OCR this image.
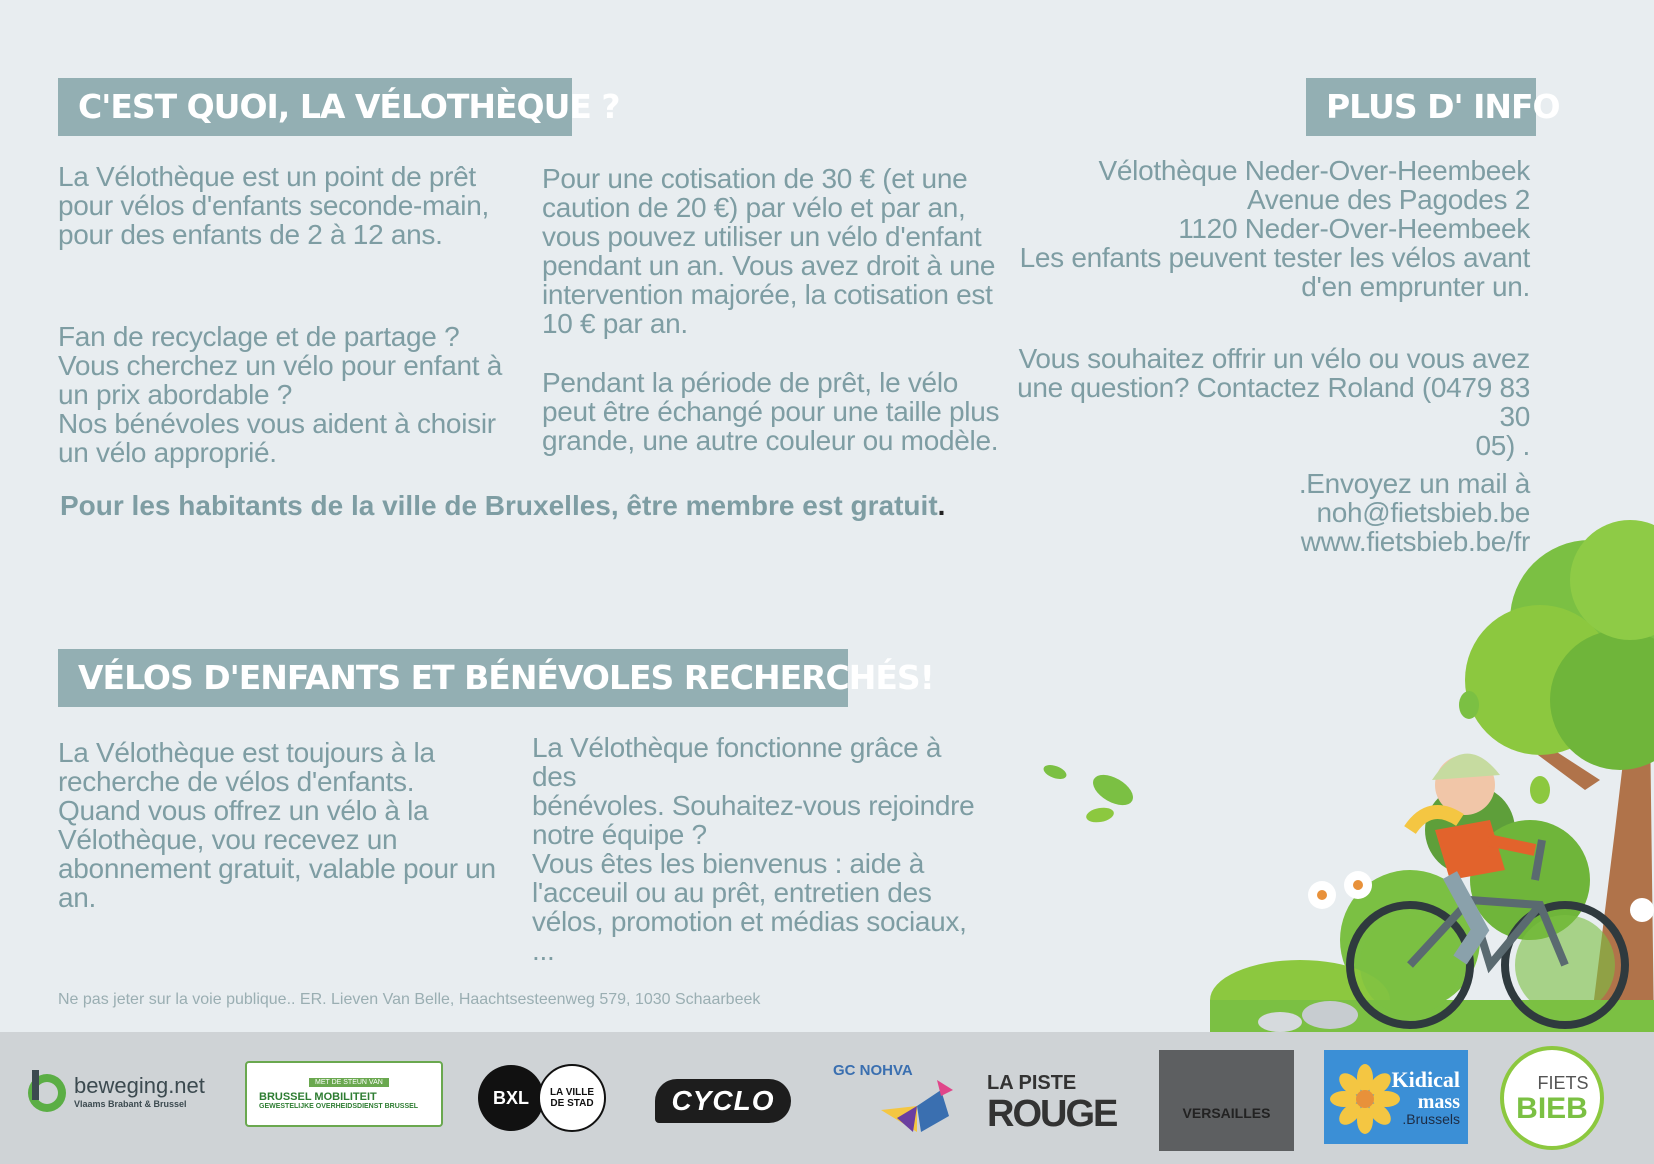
C'EST QUOI, LA VÉLOTHÈQUE ?
La Vélothèque est un point de prêt
pour vélos d'enfants seconde-main,
pour des enfants de 2 à 12 ans.
Fan de recyclage et de partage ?
Vous cherchez un vélo pour enfant à
un prix abordable ?
Nos bénévoles vous aident à choisir
un vélo approprié.
Pour une cotisation de 30 € (et une
caution de 20 €) par vélo et par an,
vous pouvez utiliser un vélo d'enfant
pendant un an. Vous avez droit à une
intervention majorée, la cotisation est
10 € par an.
Pendant la période de prêt, le vélo
peut être échangé pour une taille plus
grande, une autre couleur ou modèle.
Pour les habitants de la ville de Bruxelles, être membre est gratuit.
PLUS D' INFO
Vélothèque Neder-Over-Heembeek
Avenue des Pagodes 2
1120 Neder-Over-Heembeek
Les enfants peuvent tester les vélos avant
d'en emprunter un.
Vous souhaitez offrir un vélo ou vous avez
une question? Contactez Roland (0479 83 30
05) .
.Envoyez un mail à
noh@fietsbieb.be
www.fietsbieb.be/fr
VÉLOS D'ENFANTS ET BÉNÉVOLES RECHERCHÉS!
La Vélothèque est toujours à la
recherche de vélos d'enfants.
Quand vous offrez un vélo à la
Vélothèque, vou recevez un
abonnement gratuit, valable pour un
an.
La Vélothèque fonctionne grâce à des
bénévoles. Souhaitez-vous rejoindre
notre équipe ?
Vous êtes les bienvenus : aide à
l'acceuil ou au prêt, entretien des
vélos, promotion et médias sociaux, ...
Ne pas jeter sur la voie publique.. ER. Lieven Van Belle, Haachtsesteenweg 579, 1030 Schaarbeek
beweging.net
Vlaams Brabant & Brussel
MET DE STEUN VAN
BRUSSEL MOBILITEIT
GEWESTELIJKE OVERHEIDSDIENST BRUSSEL	BXL	LA VILLE
DE STAD	CYCLO
GC NOHVA
LA PISTE
ROUGE	VERSAILLES
Kidical
mass
.Brussels
FIETS
BIEB
